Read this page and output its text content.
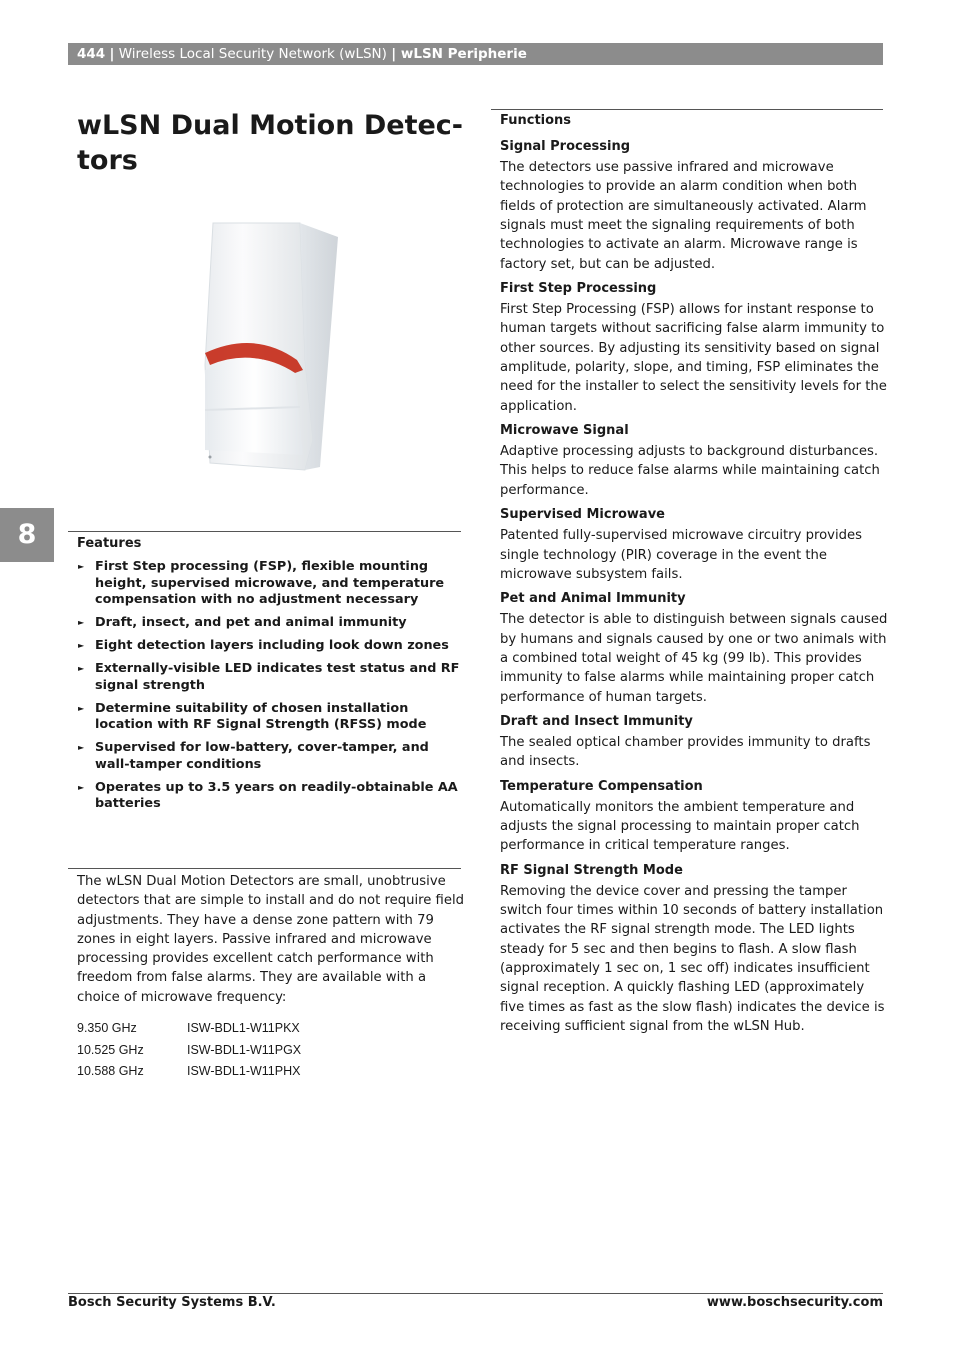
444 | Wireless Local Security Network (wLSN) | wLSN Peripherie
wLSN Dual Motion Detec-
tors
8	Features

► First Step processing (FSP), flexible mounting height, supervised microwave, and temperature compensation with no adjustment necessary
► Draft, insect, and pet and animal immunity
► Eight detection layers including look down zones
► Externally-visible LED indicates test status and RF signal strength
► Determine suitability of chosen installation location with RF Signal Strength (RFSS) mode
► Supervised for low-battery, cover-tamper, and wall-tamper conditions
► Operates up to 3.5 years on readily-obtainable AA batteries

The wLSN Dual Motion Detectors are small, unobtrusive detectors that are simple to install and do not require field adjustments. They have a dense zone pattern with 79 zones in eight layers. Passive infrared and microwave processing provides excellent catch performance with freedom from false alarms. They are available with a choice of microwave frequency:

9.350 GHz	ISW-BDL1-W11PKX
10.525 GHz	ISW-BDL1-W11PGX
10.588 GHz	ISW-BDL1-W11PHX

Functions

Signal Processing

The detectors use passive infrared and microwave technologies to provide an alarm condition when both fields of protection are simultaneously activated. Alarm signals must meet the signaling requirements of both technologies to activate an alarm. Microwave range is factory set, but can be adjusted.

First Step Processing

First Step Processing (FSP) allows for instant response to human targets without sacrificing false alarm immunity to other sources. By adjusting its sensitivity based on signal amplitude, polarity, slope, and timing, FSP eliminates the need for the installer to select the sensitivity levels for the application.

Microwave Signal

Adaptive processing adjusts to background disturbances. This helps to reduce false alarms while maintaining catch performance.

Supervised Microwave

Patented fully-supervised microwave circuitry provides single technology (PIR) coverage in the event the microwave subsystem fails.

Pet and Animal Immunity

The detector is able to distinguish between signals caused by humans and signals caused by one or two animals with a combined total weight of 45 kg (99 lb). This provides immunity to false alarms while maintaining proper catch performance of human targets.

Draft and Insect Immunity

The sealed optical chamber provides immunity to drafts and insects.

Temperature Compensation

Automatically monitors the ambient temperature and adjusts the signal processing to maintain proper catch performance in critical temperature ranges.

RF Signal Strength Mode

Removing the device cover and pressing the tamper switch four times within 10 seconds of battery installation activates the RF signal strength mode. The LED lights steady for 5 sec and then begins to flash. A slow flash (approximately 1 sec on, 1 sec off) indicates insufficient signal reception. A quickly flashing LED (approximately five times as fast as the slow flash) indicates the device is receiving sufficient signal from the wLSN Hub.

Bosch Security Systems B.V.	www.boschsecurity.com
